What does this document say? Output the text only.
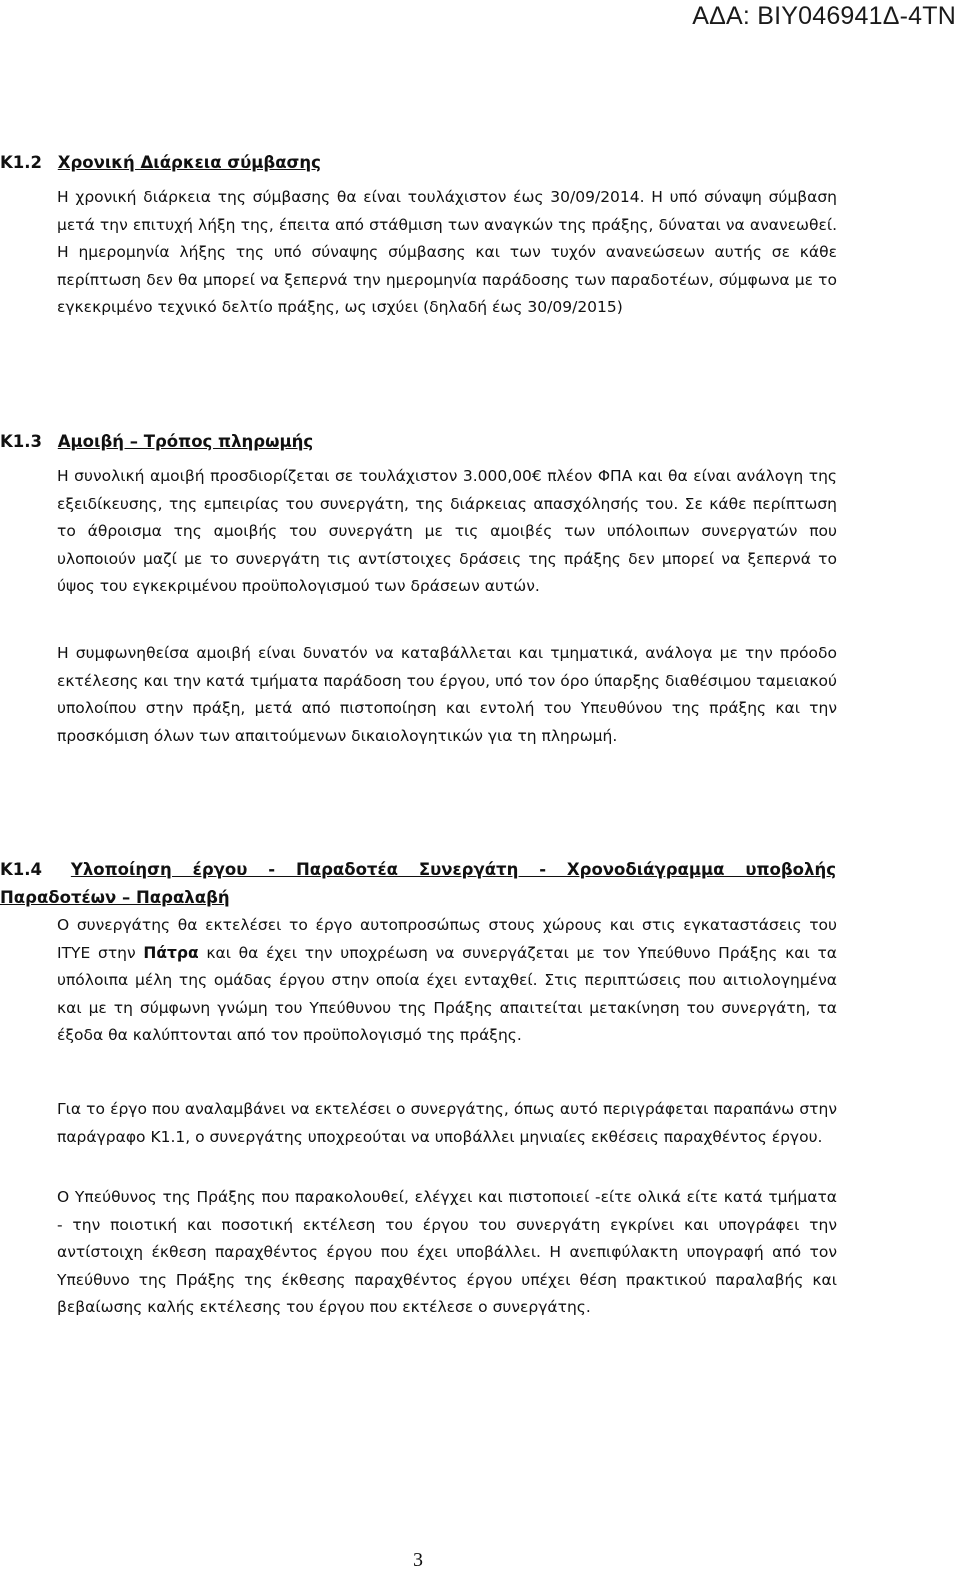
ΑΔΑ: ΒΙΥ046941Δ-4ΤΝ
K1.2 Χρονική Διάρκεια σύμβασης

Η χρονική διάρκεια της σύμβασης θα είναι τουλάχιστον έως 30/09/2014. Η υπό σύναψη σύμβαση μετά την επιτυχή λήξη της, έπειτα από στάθμιση των αναγκών της πράξης, δύναται να ανανεωθεί. Η ημερομηνία λήξης της υπό σύναψης σύμβασης και των τυχόν ανανεώσεων αυτής σε κάθε περίπτωση δεν θα μπορεί να ξεπερνά την ημερομηνία παράδοσης των παραδοτέων, σύμφωνα με το εγκεκριμένο τεχνικό δελτίο πράξης, ως ισχύει (δηλαδή έως 30/09/2015)

K1.3 Αμοιβή – Τρόπος πληρωμής

Η συνολική αμοιβή προσδιορίζεται σε τουλάχιστον 3.000,00€ πλέον ΦΠΑ και θα είναι ανάλογη της εξειδίκευσης, της εμπειρίας του συνεργάτη, της διάρκειας απασχόλησής του. Σε κάθε περίπτωση το άθροισμα της αμοιβής του συνεργάτη με τις αμοιβές των υπόλοιπων συνεργατών που υλοποιούν μαζί με το συνεργάτη τις αντίστοιχες δράσεις της πράξης δεν μπορεί να ξεπερνά το ύψος του εγκεκριμένου προϋπολογισμού των δράσεων αυτών.

Η συμφωνηθείσα αμοιβή είναι δυνατόν να καταβάλλεται και τμηματικά, ανάλογα με την πρόοδο εκτέλεσης και την κατά τμήματα παράδοση του έργου, υπό τον όρο ύπαρξης διαθέσιμου ταμειακού υπολοίπου στην πράξη, μετά από πιστοποίηση και εντολή του Υπευθύνου της πράξης και την προσκόμιση όλων των απαιτούμενων δικαιολογητικών για τη πληρωμή.

K1.4 Υλοποίηση έργου - Παραδοτέα Συνεργάτη - Χρονοδιάγραμμα υποβολής Παραδοτέων – Παραλαβή

Ο συνεργάτης θα εκτελέσει το έργο αυτοπροσώπως στους χώρους και στις εγκαταστάσεις του ΙΤΥΕ στην Πάτρα και θα έχει την υποχρέωση να συνεργάζεται με τον Υπεύθυνο Πράξης και τα υπόλοιπα μέλη της ομάδας έργου στην οποία έχει ενταχθεί. Στις περιπτώσεις που αιτιολογημένα και με τη σύμφωνη γνώμη του Υπεύθυνου της Πράξης απαιτείται μετακίνηση του συνεργάτη, τα έξοδα θα καλύπτονται από τον προϋπολογισμό της πράξης.

Για το έργο που αναλαμβάνει να εκτελέσει ο συνεργάτης, όπως αυτό περιγράφεται παραπάνω στην παράγραφο Κ1.1, ο συνεργάτης υποχρεούται να υποβάλλει μηνιαίες εκθέσεις παραχθέντος έργου.

Ο Υπεύθυνος της Πράξης που παρακολουθεί, ελέγχει και πιστοποιεί -είτε ολικά είτε κατά τμήματα - την ποιοτική και ποσοτική εκτέλεση του έργου του συνεργάτη εγκρίνει και υπογράφει την αντίστοιχη έκθεση παραχθέντος έργου που έχει υποβάλλει. Η ανεπιφύλακτη υπογραφή από τον Υπεύθυνο της Πράξης της έκθεσης παραχθέντος έργου υπέχει θέση πρακτικού παραλαβής και βεβαίωσης καλής εκτέλεσης του έργου που εκτέλεσε ο συνεργάτης.

3
